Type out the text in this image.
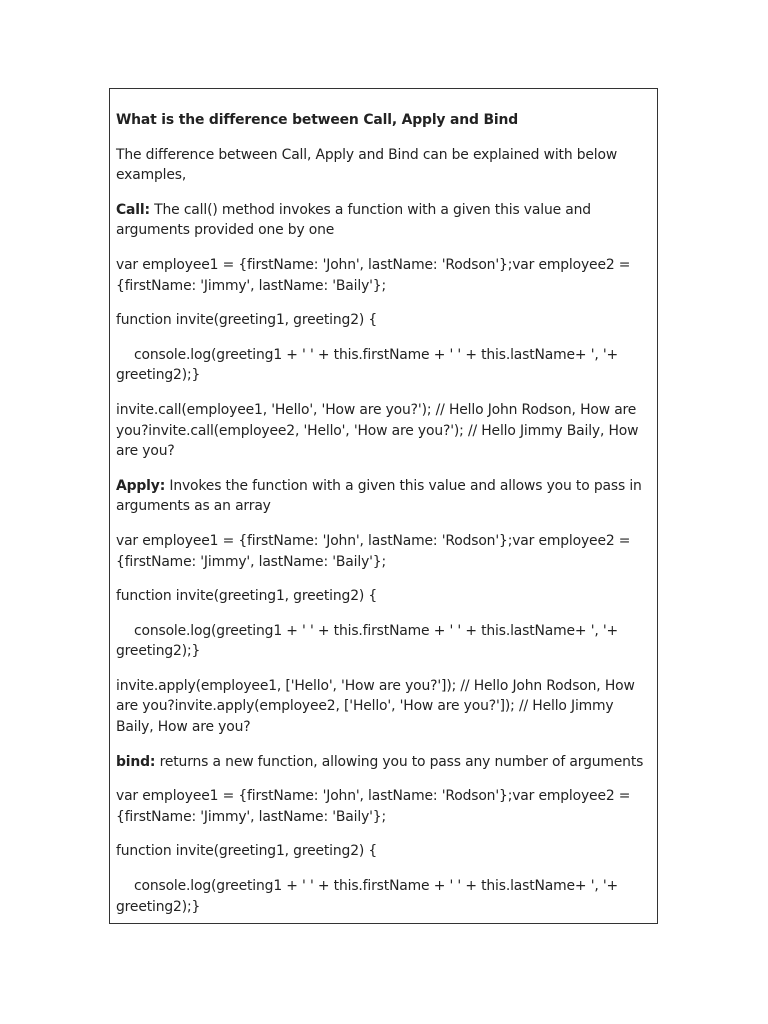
What is the difference between Call, Apply and Bind

The difference between Call, Apply and Bind can be explained with below examples,

Call: The call() method invokes a function with a given this value and arguments provided one by one

var employee1 = {firstName: 'John', lastName: 'Rodson'};var employee2 = {firstName: 'Jimmy', lastName: 'Baily'};

function invite(greeting1, greeting2) {

console.log(greeting1 + ' ' + this.firstName + ' ' + this.lastName+ ', '+ greeting2);}

invite.call(employee1, 'Hello', 'How are you?'); // Hello John Rodson, How are you?invite.call(employee2, 'Hello', 'How are you?'); // Hello Jimmy Baily, How are you?

Apply: Invokes the function with a given this value and allows you to pass in arguments as an array

var employee1 = {firstName: 'John', lastName: 'Rodson'};var employee2 = {firstName: 'Jimmy', lastName: 'Baily'};

function invite(greeting1, greeting2) {

console.log(greeting1 + ' ' + this.firstName + ' ' + this.lastName+ ', '+ greeting2);}

invite.apply(employee1, ['Hello', 'How are you?']); // Hello John Rodson, How are you?invite.apply(employee2, ['Hello', 'How are you?']); // Hello Jimmy Baily, How are you?

bind: returns a new function, allowing you to pass any number of arguments

var employee1 = {firstName: 'John', lastName: 'Rodson'};var employee2 = {firstName: 'Jimmy', lastName: 'Baily'};

function invite(greeting1, greeting2) {

console.log(greeting1 + ' ' + this.firstName + ' ' + this.lastName+ ', '+ greeting2);}
